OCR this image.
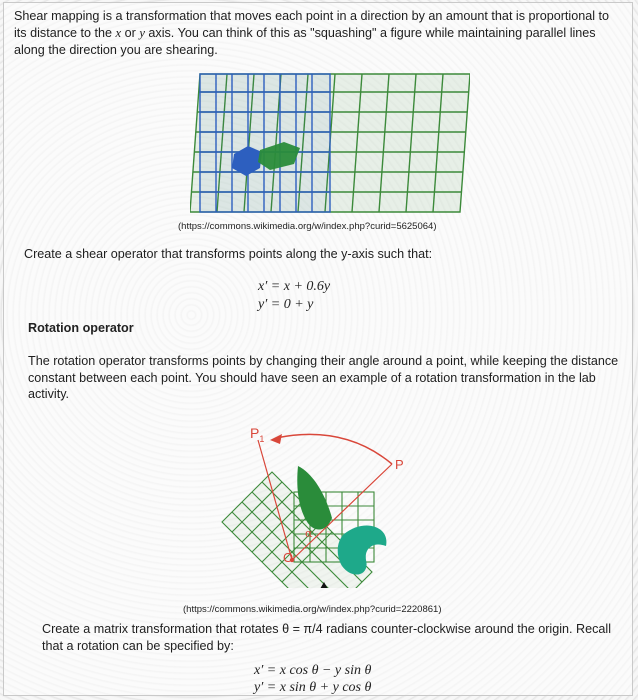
Shear mapping is a transformation that moves each point in a direction by an amount that is proportional to
its distance to the x or y axis. You can think of this as "squashing" a figure while maintaining parallel lines
along the direction you are shearing.
(https://commons.wikimedia.org/w/index.php?curid=5625064)
Create a shear operator that transforms points along the y-axis such that:
x′ = x + 0.6y
y′ = 0 + y
Rotation operator
The rotation operator transforms points by changing their angle around a point, while keeping the distance
constant between each point. You should have seen an example of a rotation transformation in the lab
activity.
$P_1$
P
O
α
(https://commons.wikimedia.org/w/index.php?curid=2220861)
Create a matrix transformation that rotates θ = π/4 radians counter-clockwise around the origin. Recall
that a rotation can be specified by:
x′ = x cos θ − y sin θ
y′ = x sin θ + y cos θ
